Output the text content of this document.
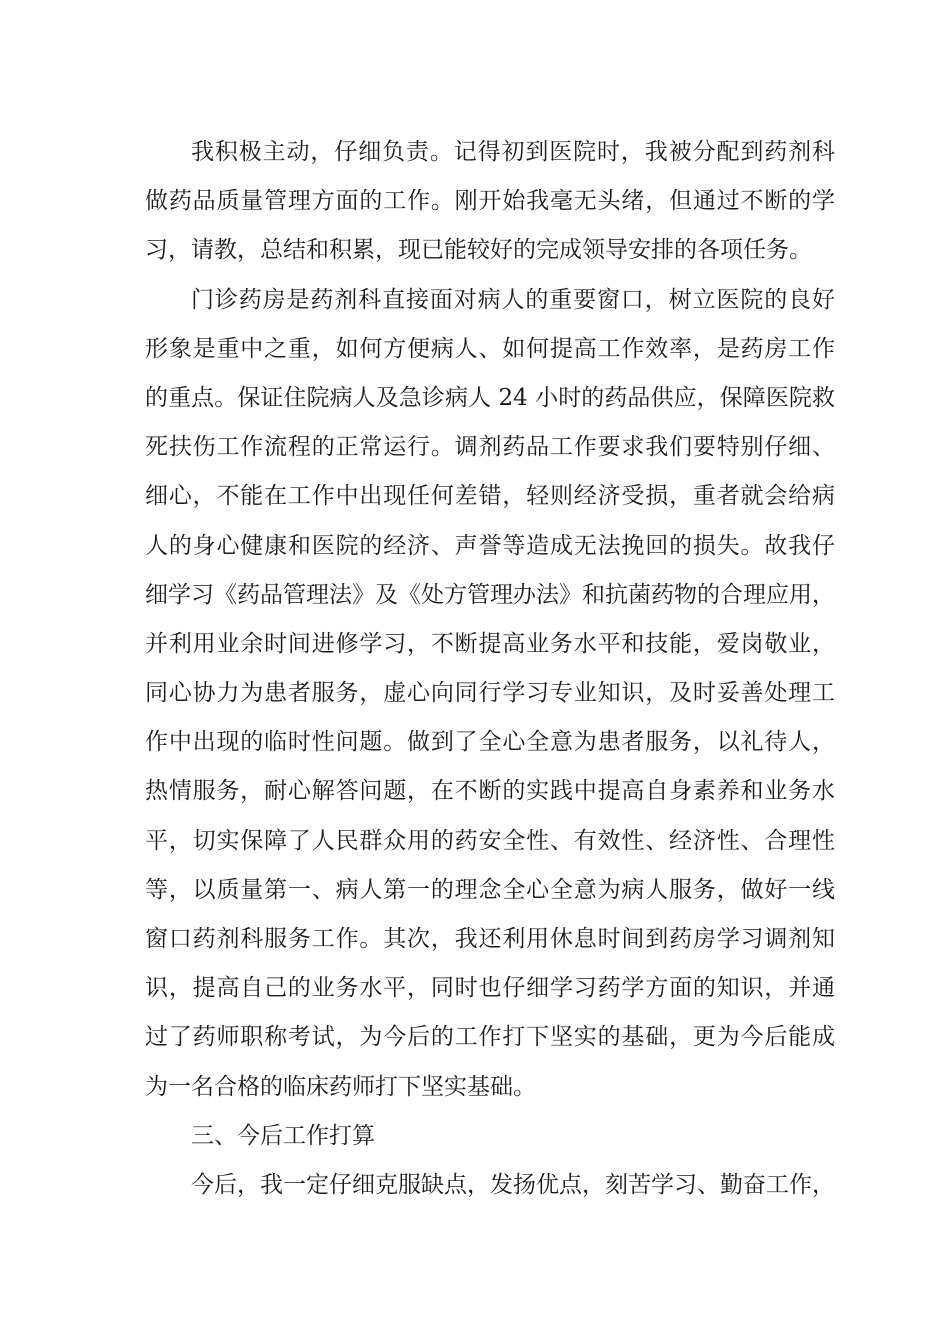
我积极主动，仔细负责。记得初到医院时，我被分配到药剂科
做药品质量管理方面的工作。刚开始我毫无头绪，但通过不断的学
习，请教，总结和积累，现已能较好的完成领导安排的各项任务。
门诊药房是药剂科直接面对病人的重要窗口，树立医院的良好
形象是重中之重，如何方便病人、如何提高工作效率，是药房工作
的重点。保证住院病人及急诊病人 24 小时的药品供应，保障医院救
死扶伤工作流程的正常运行。调剂药品工作要求我们要特别仔细、
细心，不能在工作中出现任何差错，轻则经济受损，重者就会给病
人的身心健康和医院的经济、声誉等造成无法挽回的损失。故我仔
细学习《药品管理法》及《处方管理办法》和抗菌药物的合理应用，
并利用业余时间进修学习，不断提高业务水平和技能，爱岗敬业，
同心协力为患者服务，虚心向同行学习专业知识，及时妥善处理工
作中出现的临时性问题。做到了全心全意为患者服务，以礼待人，
热情服务，耐心解答问题，在不断的实践中提高自身素养和业务水
平，切实保障了人民群众用的药安全性、有效性、经济性、合理性
等，以质量第一、病人第一的理念全心全意为病人服务，做好一线
窗口药剂科服务工作。其次，我还利用休息时间到药房学习调剂知
识，提高自己的业务水平，同时也仔细学习药学方面的知识，并通
过了药师职称考试，为今后的工作打下坚实的基础，更为今后能成
为一名合格的临床药师打下坚实基础。
三、今后工作打算
今后，我一定仔细克服缺点，发扬优点，刻苦学习、勤奋工作，
